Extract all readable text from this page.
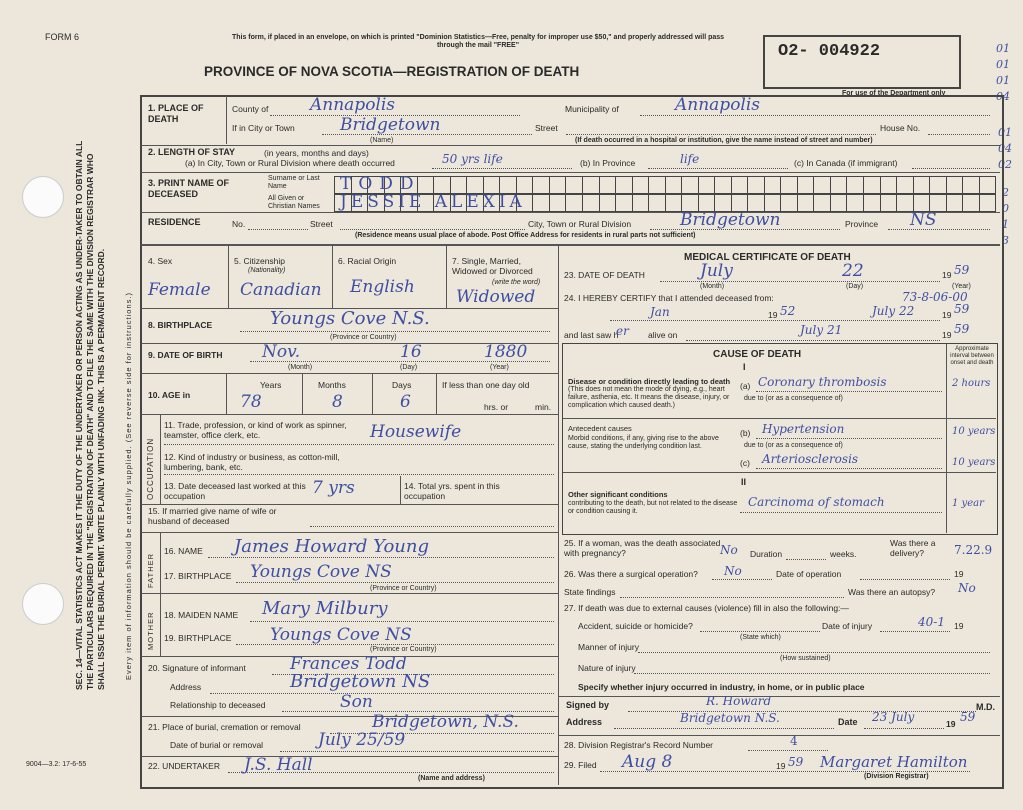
SEC. 14—VITAL STATISTICS ACT MAKES IT THE DUTY OF THE UNDERTAKER OR PERSON ACTING AS UNDER-TAKER TO OBTAIN ALL THE PARTICULARS REQUIRED IN THE "REGISTRATION OF DEATH" AND TO FILE THE SAME WITH THE DIVISION REGISTRAR WHO SHALL ISSUE THE BURIAL PERMIT. WRITE PLAINLY WITH UNFADING INK. THIS IS A PERMANENT RECORD.	Every item of information should be carefully supplied. (See reverse side for instructions.)
FORM 6
9004—3.2: 17-6-55
This form, if placed in an envelope, on which is printed "Dominion Statistics—Free, penalty for improper use $50," and properly addressed will pass through the mail "FREE"
PROVINCE OF NOVA SCOTIA—REGISTRATION OF DEATH
O2- 004922
For use of the Department only
01
01
01
04
01
04
02
2
0
1
3
1. PLACE OF DEATH
County of Annapolis	Municipality of	Annapolis
If in City or Town	Bridgetown	Street	House No.
(Name)	(If death occurred in a hospital or institution, give the name instead of street and number)
2. LENGTH OF STAY	(in years, months and days)
(a) In City, Town or Rural Division where death occurred	50 yrs life	(b) In Province	life	(c) In Canada (if immigrant)
3. PRINT NAME OF DECEASED
Surname or Last Name	TODD
All Given or Christian Names	JESSIE ALEXIA
RESIDENCE	No.	Street	City, Town or Rural Division	Bridgetown	Province NS
(Residence means usual place of abode. Post Office Address for residents in rural parts not sufficient)
4. Sex	5. Citizenship
(Nationality)
6. Racial Origin	7. Single, Married, Widowed or Divorced
(write the word)
Female Canadian English Widowed
8. BIRTHPLACE	Youngs Cove N.S.
(Province or Country)
9. DATE OF BIRTH Nov.	16	1880
(Month)	(Day)	(Year)
10. AGE in
Years	Months	Days	If less than one day old
hrs. or	min.
78	8	6
OCCUPATION
11. Trade, profession, or kind of work as spinner, teamster, office clerk, etc.	Housewife
12. Kind of industry or business, as cotton-mill, lumbering, bank, etc.
13. Date deceased last worked at this occupation	7 yrs	14. Total yrs. spent in this occupation
15. If married give name of wife or husband of deceased
FATHER
16. NAME James Howard Young
17. BIRTHPLACE Youngs Cove NS
(Province or Country)
MOTHER 18. MAIDEN NAME Mary Milbury
19. BIRTHPLACE Youngs Cove NS
(Province or Country)
20. Signature of informant	Frances Todd
Address	Bridgetown NS
Relationship to deceased	Son
21. Place of burial, cremation or removal	Bridgetown, N.S.
Date of burial or removal	July 25/59
22. UNDERTAKER J.S. Hall
(Name and address)
MEDICAL CERTIFICATE OF DEATH
23. DATE OF DEATH	July	22	19 59
(Month)	(Day)	(Year)
24. I HEREBY CERTIFY that I attended deceased from:	73-8-06-00
Jan	19 52	July 22	19 59
and last saw h
er alive on	July 21	19 59
CAUSE OF DEATH
I
Approximate interval between onset and death
Disease or condition directly leading to death
(This does not mean the mode of dying, e.g., heart failure, asthenia, etc. It means the disease, injury, or complication which caused death.)
(a) Coronary thrombosis	2 hours
due to (or as a consequence of)
Antecedent causes
Morbid conditions, if any, giving rise to the above cause, stating the underlying condition last.
(b) Hypertension	10 years
due to (or as a consequence of)
(c) Arteriosclerosis	10 years
II
Other significant conditions
contributing to the death, but not related to the disease or condition causing it.
Carcinoma of stomach	1 year
25. If a woman, was the death associated with pregnancy?	No Duration	weeks.
Was there a delivery?	7.22.9
26. Was there a surgical operation? No	Date of operation	19
State findings	Was there an autopsy? No
27. If death was due to external causes (violence) fill in also the following:—
Accident, suicide or homicide?
(State which)
Date of injury	40-1 19
Manner of injury
(How sustained)
Nature of injury
Specify whether injury occurred in industry, in home, or in public place
Signed by	R. Howard	M.D.
Address	Bridgetown N.S.	Date 23 July	19 59
28. Division Registrar's Record Number	4
29. Filed Aug 8	19 59 Margaret Hamilton
(Division Registrar)
